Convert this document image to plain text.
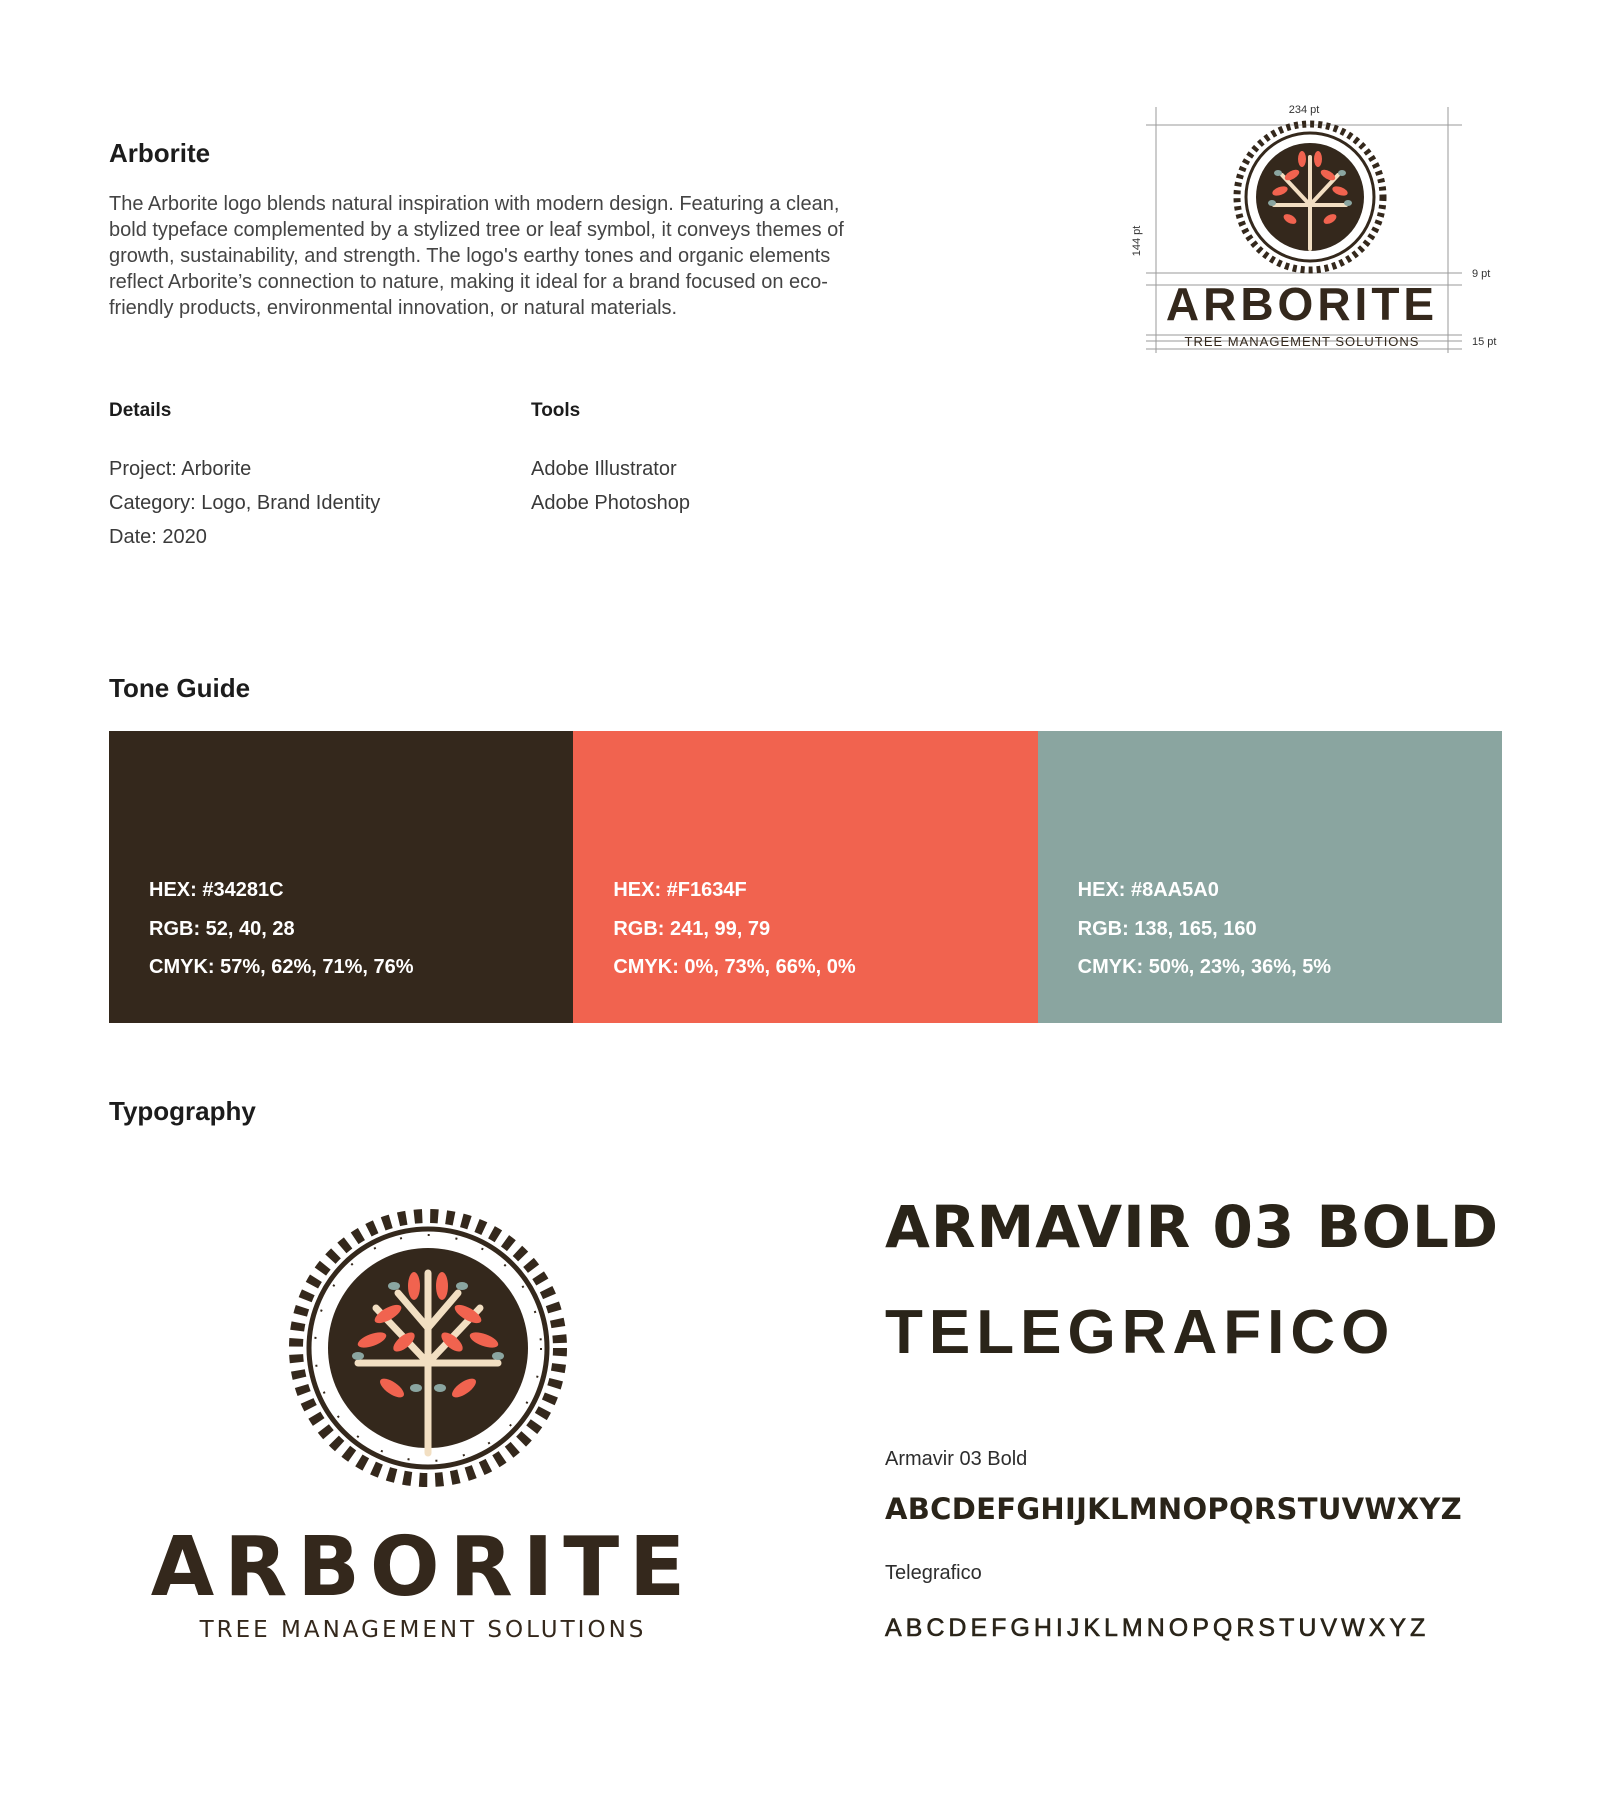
Arborite

The Arborite logo blends natural inspiration with modern design. Featuring a clean, bold typeface complemented by a stylized tree or leaf symbol, it conveys themes of growth, sustainability, and strength. The logo's earthy tones and organic elements reflect Arborite’s connection to nature, making it ideal for a brand focused on eco-friendly products, environmental innovation, or natural materials.

Details
Project: Arborite
Category: Logo, Brand Identity
Date: 2020
Tools
Adobe Illustrator
Adobe Photoshop
234 pt
144 pt
9 pt
15 pt
ARBORITE
TREE MANAGEMENT SOLUTIONS
Tone Guide
HEX: #34281C
RGB: 52, 40, 28
CMYK: 57%, 62%, 71%, 76%
HEX: #F1634F
RGB: 241, 99, 79
CMYK: 0%, 73%, 66%, 0%
HEX: #8AA5A0
RGB: 138, 165, 160
CMYK: 50%, 23%, 36%, 5%
Typography
ARBORITE
TREE MANAGEMENT SOLUTIONS
ARMAVIR 03 BOLD
TELEGRAFICO
Armavir 03 Bold
ABCDEFGHIJKLMNOPQRSTUVWXYZ
Telegrafico
ABCDEFGHIJKLMNOPQRSTUVWXYZ
